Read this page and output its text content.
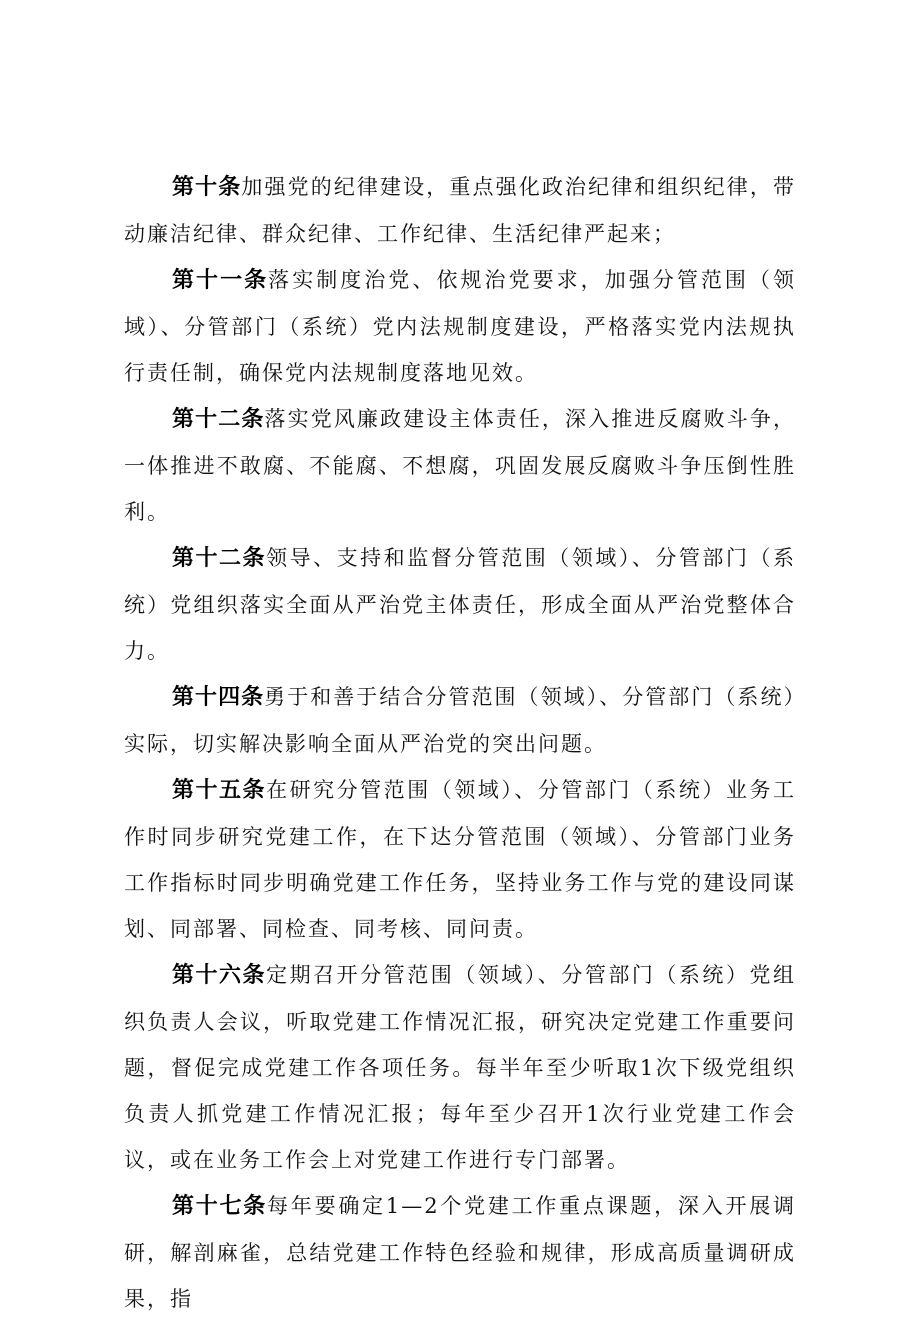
第十条加强党的纪律建设，重点强化政治纪律和组织纪律，带动廉洁纪律、群众纪律、工作纪律、生活纪律严起来；

第十一条落实制度治党、依规治党要求，加强分管范围（领域）、分管部门（系统）党内法规制度建设，严格落实党内法规执行责任制，确保党内法规制度落地见效。

第十二条落实党风廉政建设主体责任，深入推进反腐败斗争，一体推进不敢腐、不能腐、不想腐，巩固发展反腐败斗争压倒性胜利。

第十二条领导、支持和监督分管范围（领域）、分管部门（系统）党组织落实全面从严治党主体责任，形成全面从严治党整体合力。

第十四条勇于和善于结合分管范围（领域）、分管部门（系统）实际，切实解决影响全面从严治党的突出问题。

第十五条在研究分管范围（领域）、分管部门（系统）业务工作时同步研究党建工作，在下达分管范围（领域）、分管部门业务工作指标时同步明确党建工作任务，坚持业务工作与党的建设同谋划、同部署、同检查、同考核、同问责。

第十六条定期召开分管范围（领域）、分管部门（系统）党组织负责人会议，听取党建工作情况汇报，研究决定党建工作重要问题，督促完成党建工作各项任务。每半年至少听取1次下级党组织负责人抓党建工作情况汇报；每年至少召开1次行业党建工作会议，或在业务工作会上对党建工作进行专门部署。

第十七条每年要确定1—2个党建工作重点课题，深入开展调研，解剖麻雀，总结党建工作特色经验和规律，形成高质量调研成果，指
